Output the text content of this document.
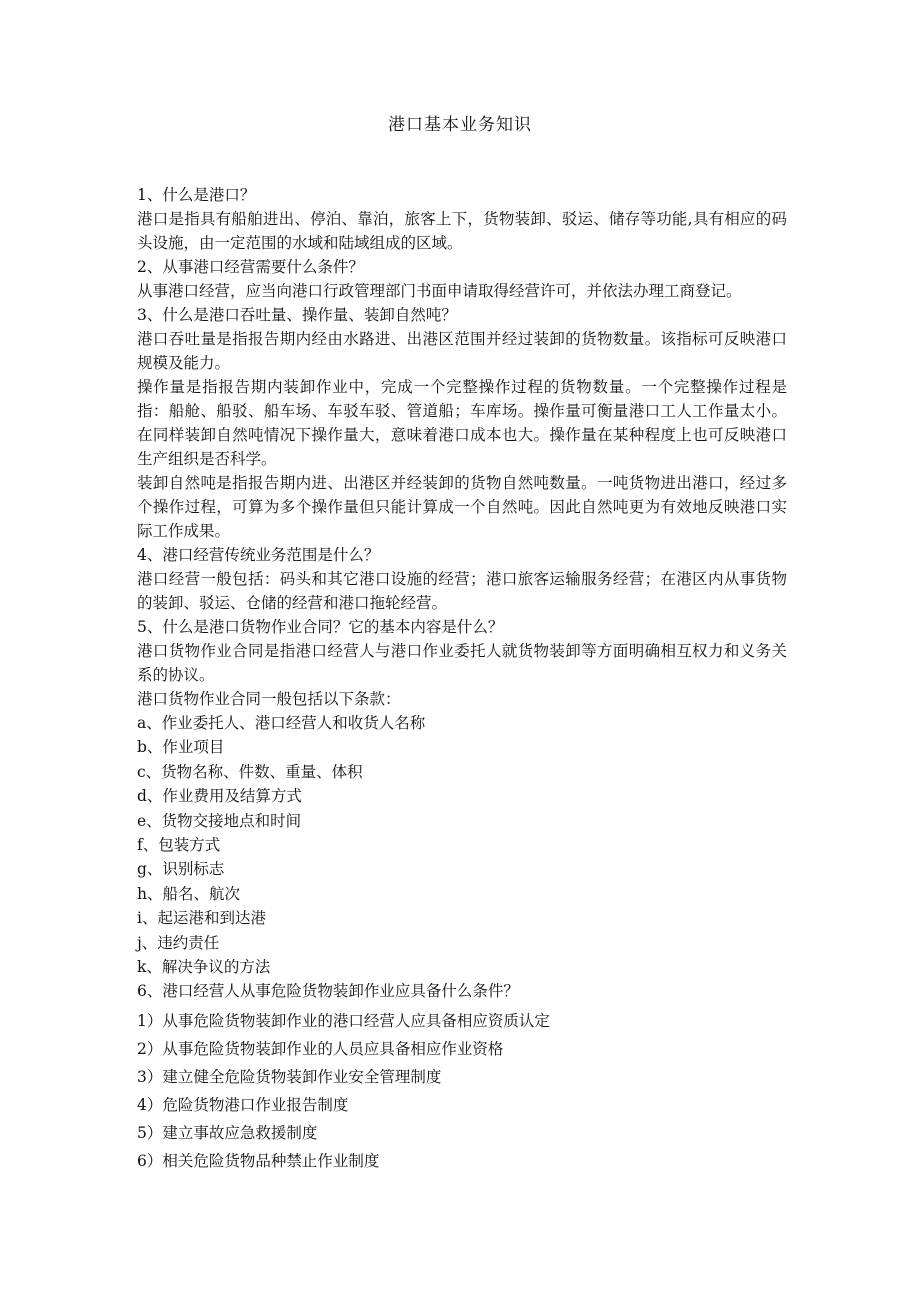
港口基本业务知识

1、什么是港口？

港口是指具有船舶进出、停泊、靠泊，旅客上下，货物装卸、驳运、储存等功能,具有相应的码头设施，由一定范围的水域和陆域组成的区域。

2、从事港口经营需要什么条件？

从事港口经营，应当向港口行政管理部门书面申请取得经营许可，并依法办理工商登记。

3、什么是港口吞吐量、操作量、装卸自然吨？

港口吞吐量是指报告期内经由水路进、出港区范围并经过装卸的货物数量。该指标可反映港口规模及能力。

操作量是指报告期内装卸作业中，完成一个完整操作过程的货物数量。一个完整操作过程是指：船舱、船驳、船车场、车驳车驳、管道船；车库场。操作量可衡量港口工人工作量太小。在同样装卸自然吨情况下操作量大，意味着港口成本也大。操作量在某种程度上也可反映港口生产组织是否科学。

装卸自然吨是指报告期内进、出港区并经装卸的货物自然吨数量。一吨货物进出港口，经过多个操作过程，可算为多个操作量但只能计算成一个自然吨。因此自然吨更为有效地反映港口实际工作成果。

4、港口经营传统业务范围是什么？

港口经营一般包括：码头和其它港口设施的经营；港口旅客运输服务经营；在港区内从事货物的装卸、驳运、仓储的经营和港口拖轮经营。

5、什么是港口货物作业合同？它的基本内容是什么？

港口货物作业合同是指港口经营人与港口作业委托人就货物装卸等方面明确相互权力和义务关系的协议。

港口货物作业合同一般包括以下条款：

a、作业委托人、港口经营人和收货人名称

b、作业项目

c、货物名称、件数、重量、体积

d、作业费用及结算方式

e、货物交接地点和时间

f、包装方式

g、识别标志

h、船名、航次

i、起运港和到达港

j、违约责任

k、解决争议的方法

6、港口经营人从事危险货物装卸作业应具备什么条件？

1）从事危险货物装卸作业的港口经营人应具备相应资质认定

2）从事危险货物装卸作业的人员应具备相应作业资格

3）建立健全危险货物装卸作业安全管理制度

4）危险货物港口作业报告制度

5）建立事故应急救援制度

6）相关危险货物品种禁止作业制度
